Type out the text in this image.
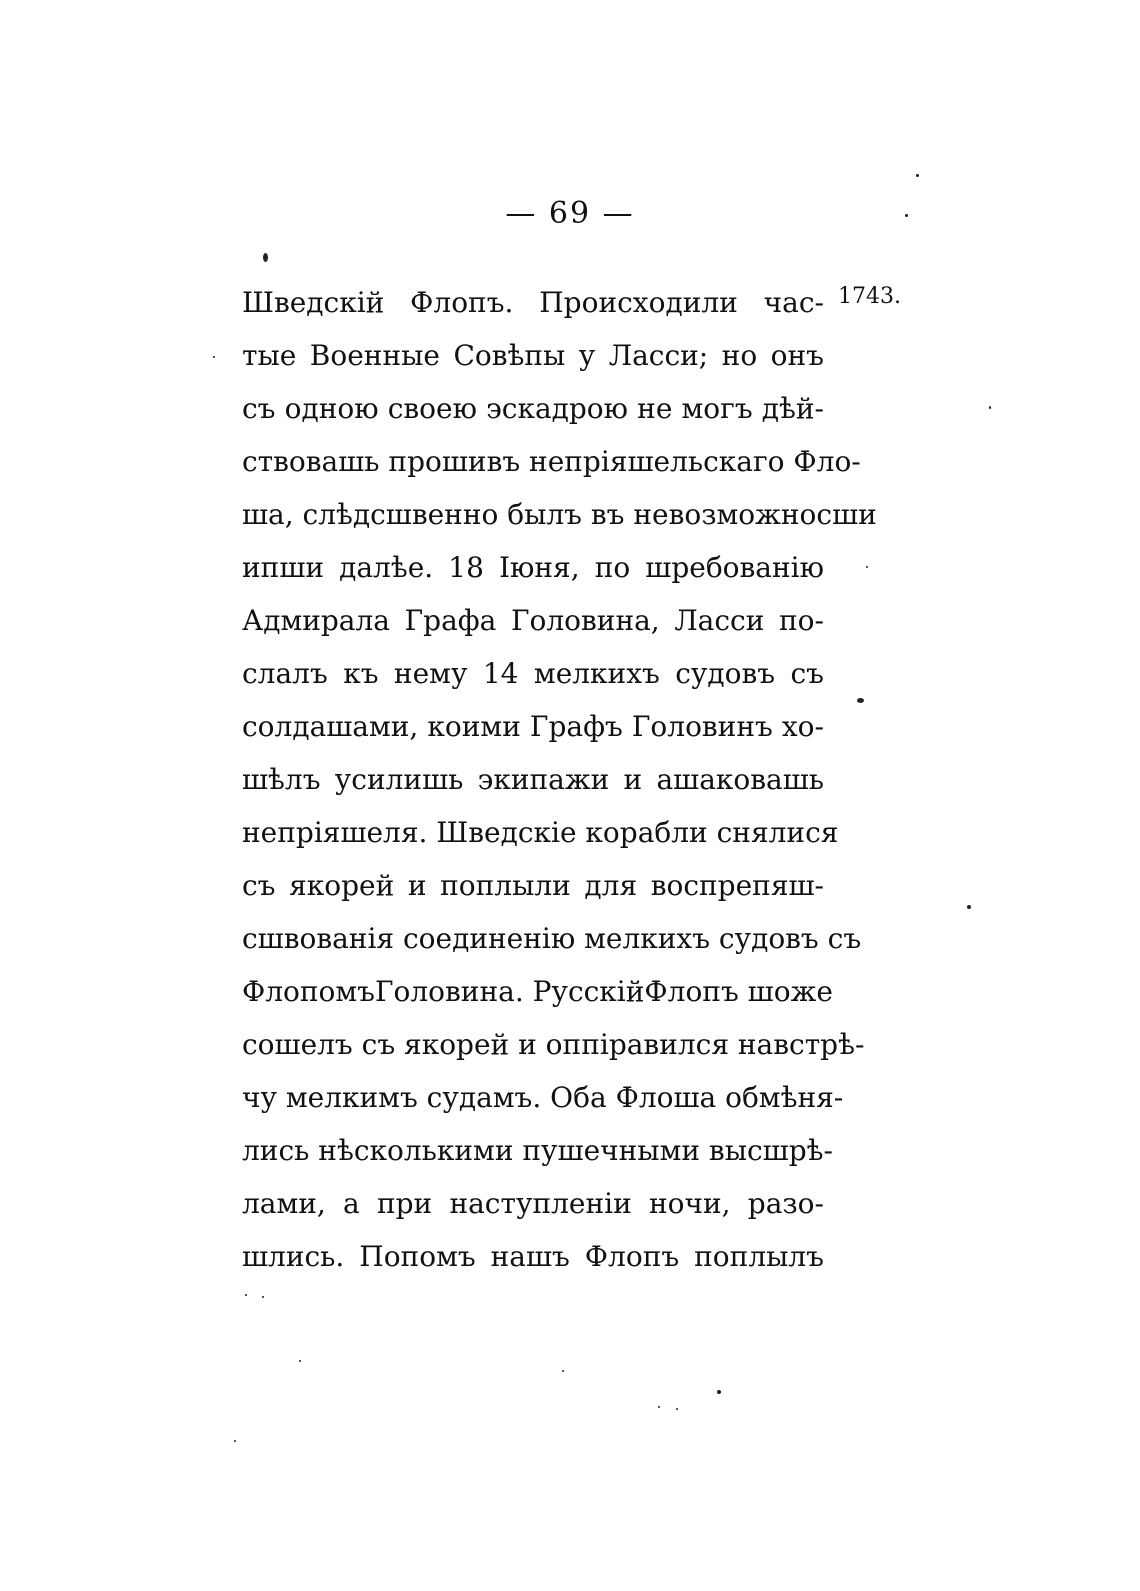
— 69 —
1743.
Шведскій Флопъ. Происходили час-
тые Военные Совѣпы у Ласси; но онъ
съ одною своею эскадрою не могъ дѣй-
ствовашь прошивъ непріяшельскаго Фло-
ша, слѣдсшвенно былъ въ невозможносши
ипши далѣе. 18 Іюня, по шребованію
Адмирала Графа Головина, Ласси по-
слалъ къ нему 14 мелкихъ судовъ съ
солдашами, коими Графъ Головинъ хо-
шѣлъ усилишь экипажи и ашаковашь
непріяшеля. Шведскіе корабли снялися
съ якорей и поплыли для воспрепяш-
сшвованія соединенію мелкихъ судовъ съ
ФлопомъГоловина. РусскійФлопъ шоже
сошелъ съ якорей и оппіравился навстрѣ-
чу мелкимъ судамъ. Оба Флоша обмѣня-
лись нѣсколькими пушечными высшрѣ-
лами, а при наступленіи ночи, разо-
шлись. Попомъ нашъ Флопъ поплылъ
